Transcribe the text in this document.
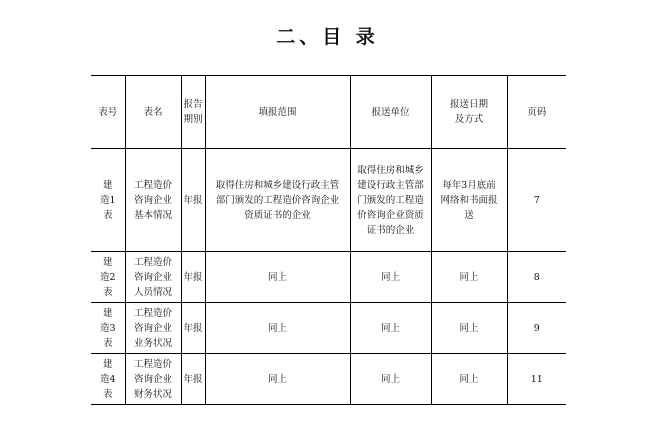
二、目 录
表号	表名	报告期别	填报范围	报送单位	报送日期及方式	页码
建造1表	工程造价咨询企业基本情况	年报	取得住房和城乡建设行政主管部门颁发的工程造价咨询企业资质证书的企业	取得住房和城乡建设行政主管部门颁发的工程造价咨询企业资质证书的企业	每年3月底前网络和书面报送	7
建造2表	工程造价咨询企业人员情况	年报	同上	同上	同上	8
建造3表	工程造价咨询企业业务状况	年报	同上	同上	同上	9
建造4表	工程造价咨询企业财务状况	年报	同上	同上	同上	11
